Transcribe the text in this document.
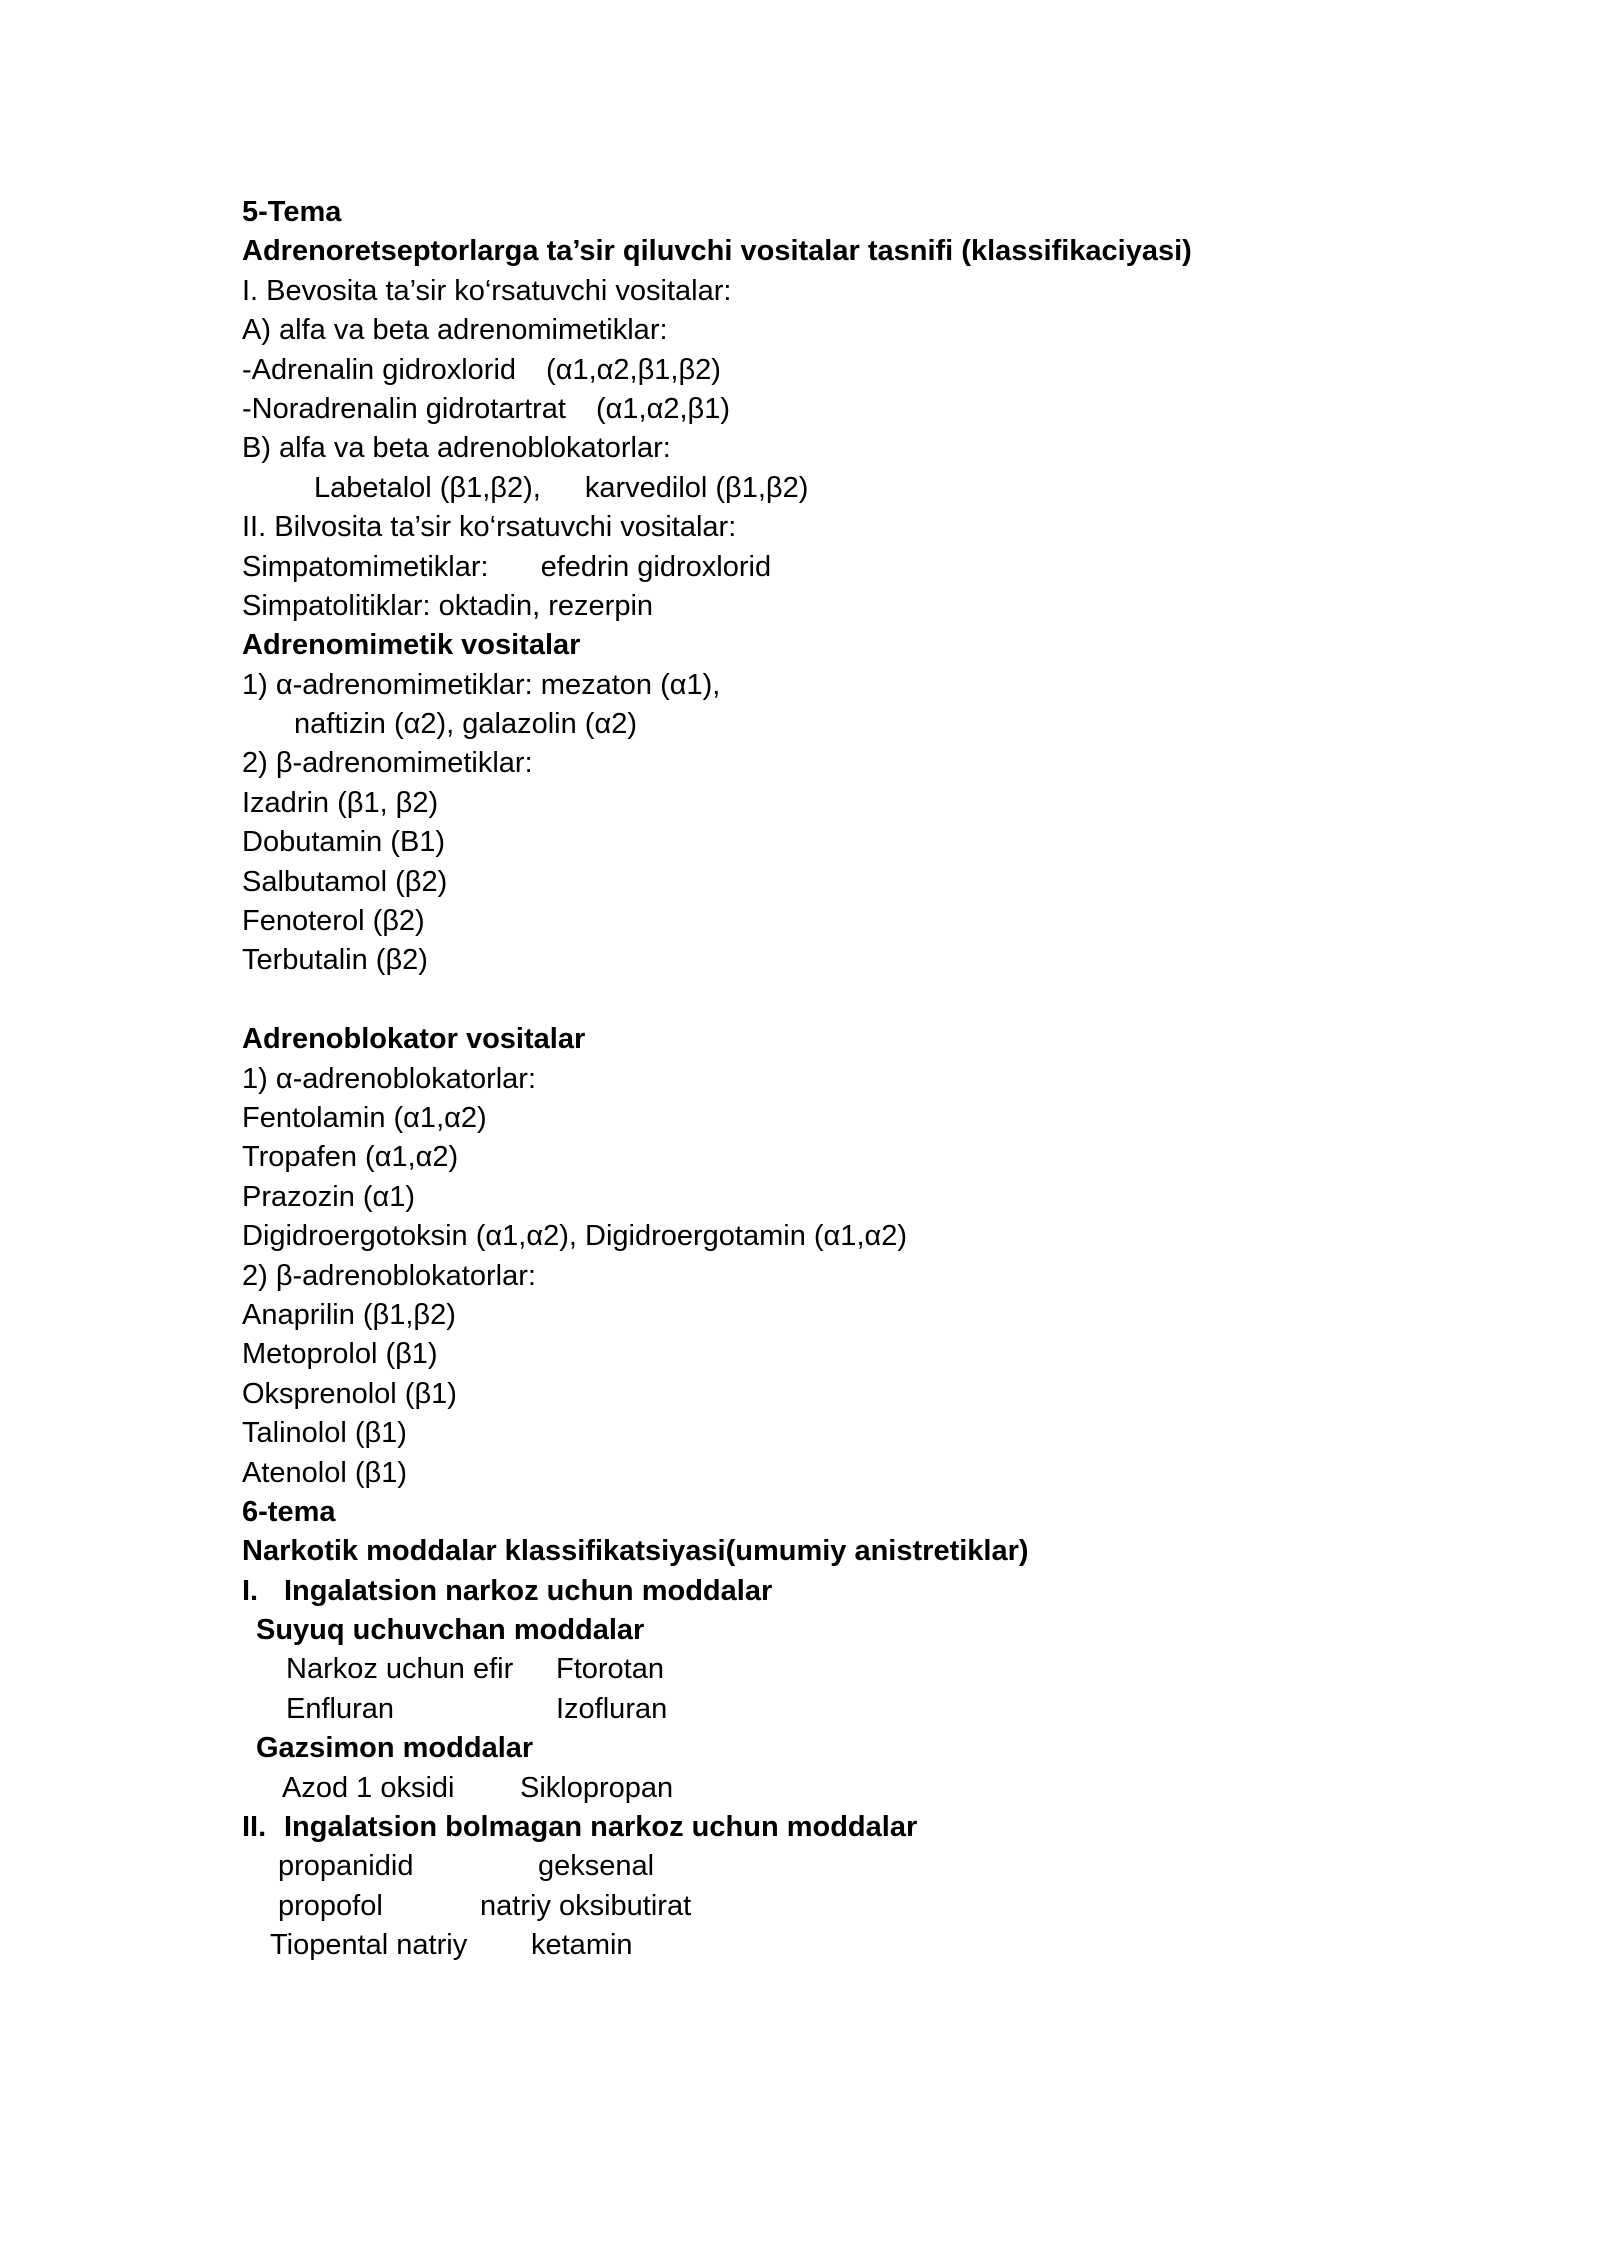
5-Tema
Adrenoretseptorlarga ta’sir qiluvchi vositalar tasnifi (klassifikaciyasi)
I. Bevosita ta’sir ko‘rsatuvchi vositalar:
A) alfa va beta adrenomimetiklar:
-Adrenalin gidroxlorid (α1,α2,β1,β2)
-Noradrenalin gidrotartrat (α1,α2,β1)
B) alfa va beta adrenoblokatorlar:
Labetalol (β1,β2), karvedilol (β1,β2)
II. Bilvosita ta’sir ko‘rsatuvchi vositalar:
Simpatomimetiklar: efedrin gidroxlorid
Simpatolitiklar: oktadin, rezerpin
Adrenomimetik vositalar
1) α-adrenomimetiklar: mezaton (α1),
naftizin (α2), galazolin (α2)
2) β-adrenomimetiklar:
Izadrin (β1, β2)
Dobutamin (B1)
Salbutamol (β2)
Fenoterol (β2)
Terbutalin (β2)
Adrenoblokator vositalar
1) α-adrenoblokatorlar:
Fentolamin (α1,α2)
Tropafen (α1,α2)
Prazozin (α1)
Digidroergotoksin (α1,α2), Digidroergotamin (α1,α2)
2) β-adrenoblokatorlar:
Anaprilin (β1,β2)
Metoprolol (β1)
Oksprenolol (β1)
Talinolol (β1)
Atenolol (β1)
6-tema
Narkotik moddalar klassifikatsiyasi(umumiy anistretiklar)
I. Ingalatsion narkoz uchun moddalar
Suyuq uchuvchan moddalar
Narkoz uchun efir Ftorotan
Enfluran	Izofluran
Gazsimon moddalar
Azod 1 oksidi Siklopropan
II. Ingalatsion bolmagan narkoz uchun moddalar
propanidid	geksenal
propofol	natriy oksibutirat
Tiopental natriy ketamin
